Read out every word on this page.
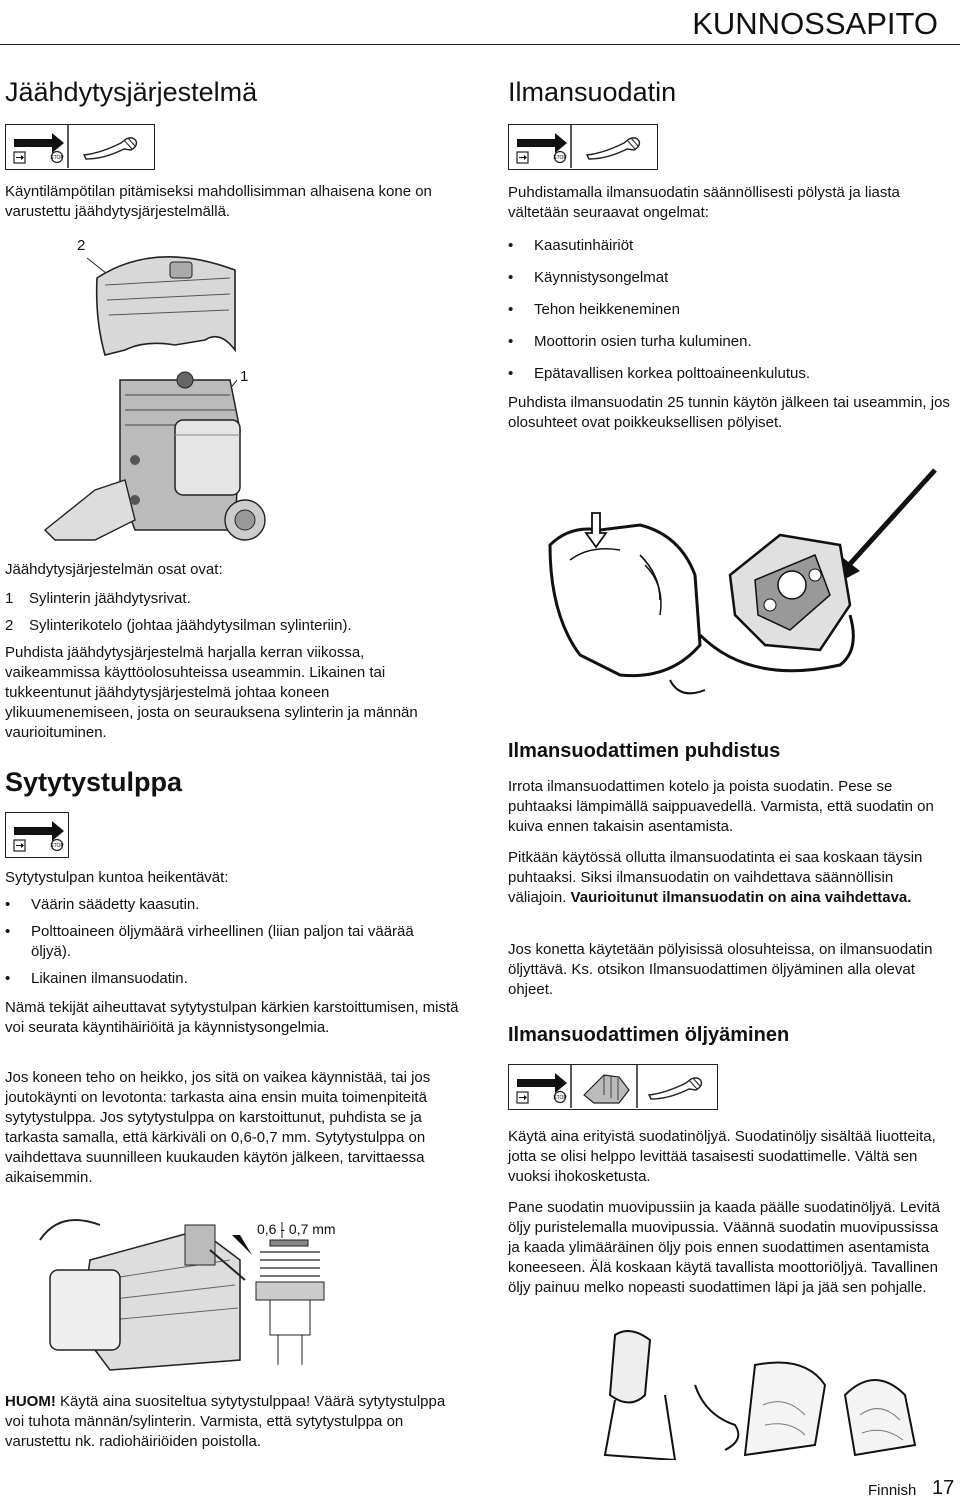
KUNNOSSAPITO
Jäähdytysjärjestelmä
STOP

Käyntilämpötilan pitämiseksi mahdollisimman alhaisena kone on varustettu jäähdytysjärjestelmällä.

2
1

Jäähdytysjärjestelmän osat ovat:

1 Sylinterin jäähdytysrivat.
2 Sylinterikotelo (johtaa jäähdytysilman sylinteriin).

Puhdista jäähdytysjärjestelmä harjalla kerran viikossa, vaikeammissa käyttöolosuhteissa useammin. Likainen tai tukkeentunut jäähdytysjärjestelmä johtaa koneen ylikuumenemiseen, josta on seurauksena sylinterin ja männän vaurioituminen.

Sytytystulppa
STOP

Sytytystulpan kuntoa heikentävät:

• Väärin säädetty kaasutin.
• Polttoaineen öljymäärä virheellinen (liian paljon tai väärää öljyä).
• Likainen ilmansuodatin.

Nämä tekijät aiheuttavat sytytystulpan kärkien karstoittumisen, mistä voi seurata käyntihäiriöitä ja käynnistysongelmia.

Jos koneen teho on heikko, jos sitä on vaikea käynnistää, tai jos joutokäynti on levotonta: tarkasta aina ensin muita toimenpiteitä sytytystulppa. Jos sytytystulppa on karstoittunut, puhdista se ja tarkasta samalla, että kärkiväli on 0,6-0,7 mm. Sytytystulppa on vaihdettava suunnilleen kuukauden käytön jälkeen, tarvittaessa aikaisemmin.

0,6 - 0,7 mm
HUOM! Käytä aina suositeltua sytytystulppaa! Väärä sytytystulppa voi tuhota männän/sylinterin. Varmista, että sytytystulppa on varustettu nk. radiohäiriöiden poistolla.
Ilmansuodatin
STOP

Puhdistamalla ilmansuodatin säännöllisesti pölystä ja liasta vältetään seuraavat ongelmat:

• Kaasutinhäiriöt
• Käynnistysongelmat
• Tehon heikkeneminen
• Moottorin osien turha kuluminen.
• Epätavallisen korkea polttoaineenkulutus.

Puhdista ilmansuodatin 25 tunnin käytön jälkeen tai useammin, jos olosuhteet ovat poikkeuksellisen pölyiset.

Ilmansuodattimen puhdistus

Irrota ilmansuodattimen kotelo ja poista suodatin. Pese se puhtaaksi lämpimällä saippuavedellä. Varmista, että suodatin on kuiva ennen takaisin asentamista.

Pitkään käytössä ollutta ilmansuodatinta ei saa koskaan täysin puhtaaksi. Siksi ilmansuodatin on vaihdettava säännöllisin väliajoin. Vaurioitunut ilmansuodatin on aina vaihdettava.

Jos konetta käytetään pölyisissä olosuhteissa, on ilmansuodatin öljyttävä. Ks. otsikon Ilmansuodattimen öljyäminen alla olevat ohjeet.

Ilmansuodattimen öljyäminen
STOP

Käytä aina erityistä suodatinöljyä. Suodatinöljy sisältää liuotteita, jotta se olisi helppo levittää tasaisesti suodattimelle. Vältä sen vuoksi ihokosketusta.

Pane suodatin muovipussiin ja kaada päälle suodatinöljyä. Levitä öljy puristelemalla muovipussia. Väännä suodatin muovipussissa ja kaada ylimääräinen öljy pois ennen suodattimen asentamista koneeseen. Älä koskaan käytä tavallista moottoriöljyä. Tavallinen öljy painuu melko nopeasti suodattimen läpi ja jää sen pohjalle.

Finnish 17
